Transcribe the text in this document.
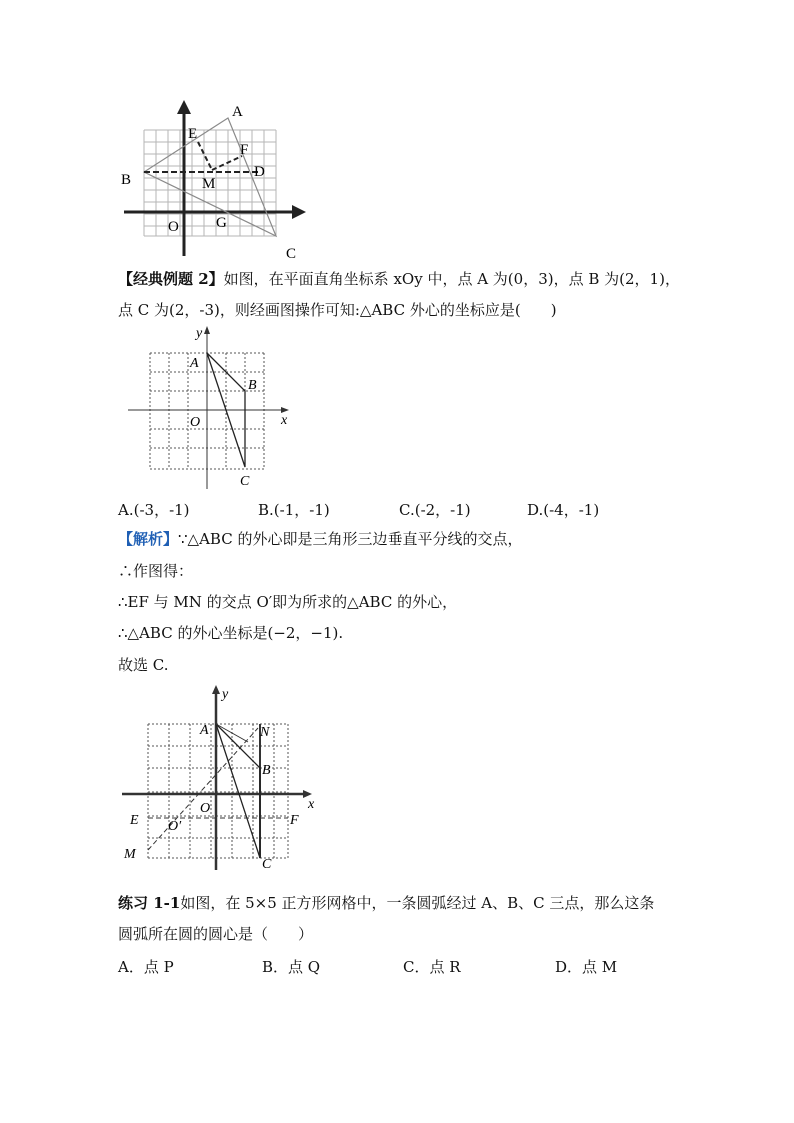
A
B
C
D
E
F
M
O G
【经典例题 2】如图，在平面直角坐标系 xOy 中，点 A 为(0，3)，点 B 为(2，1)，
点 C 为(2，-3)，则经画图操作可知:△ABC 外心的坐标应是(　　)
A
B
C
O	x
y
A.(-3，-1)	B.(-1，-1)	C.(-2，-1)	D.(-4，-1)
【解析】∵△ABC 的外心即是三角形三边垂直平分线的交点，
∴作图得：
∴EF 与 MN 的交点 O′即为所求的△ABC 的外心，
∴△ABC 的外心坐标是(−2，−1).
故选 C.
A
B
C
O
O′
E	F
M
N
x
y
练习 1-1如图，在 5×5 正方形网格中，一条圆弧经过 A、B、C 三点，那么这条
圆弧所在圆的圆心是（　　）
A．点 P	B．点 Q	C．点 R	D．点 M
